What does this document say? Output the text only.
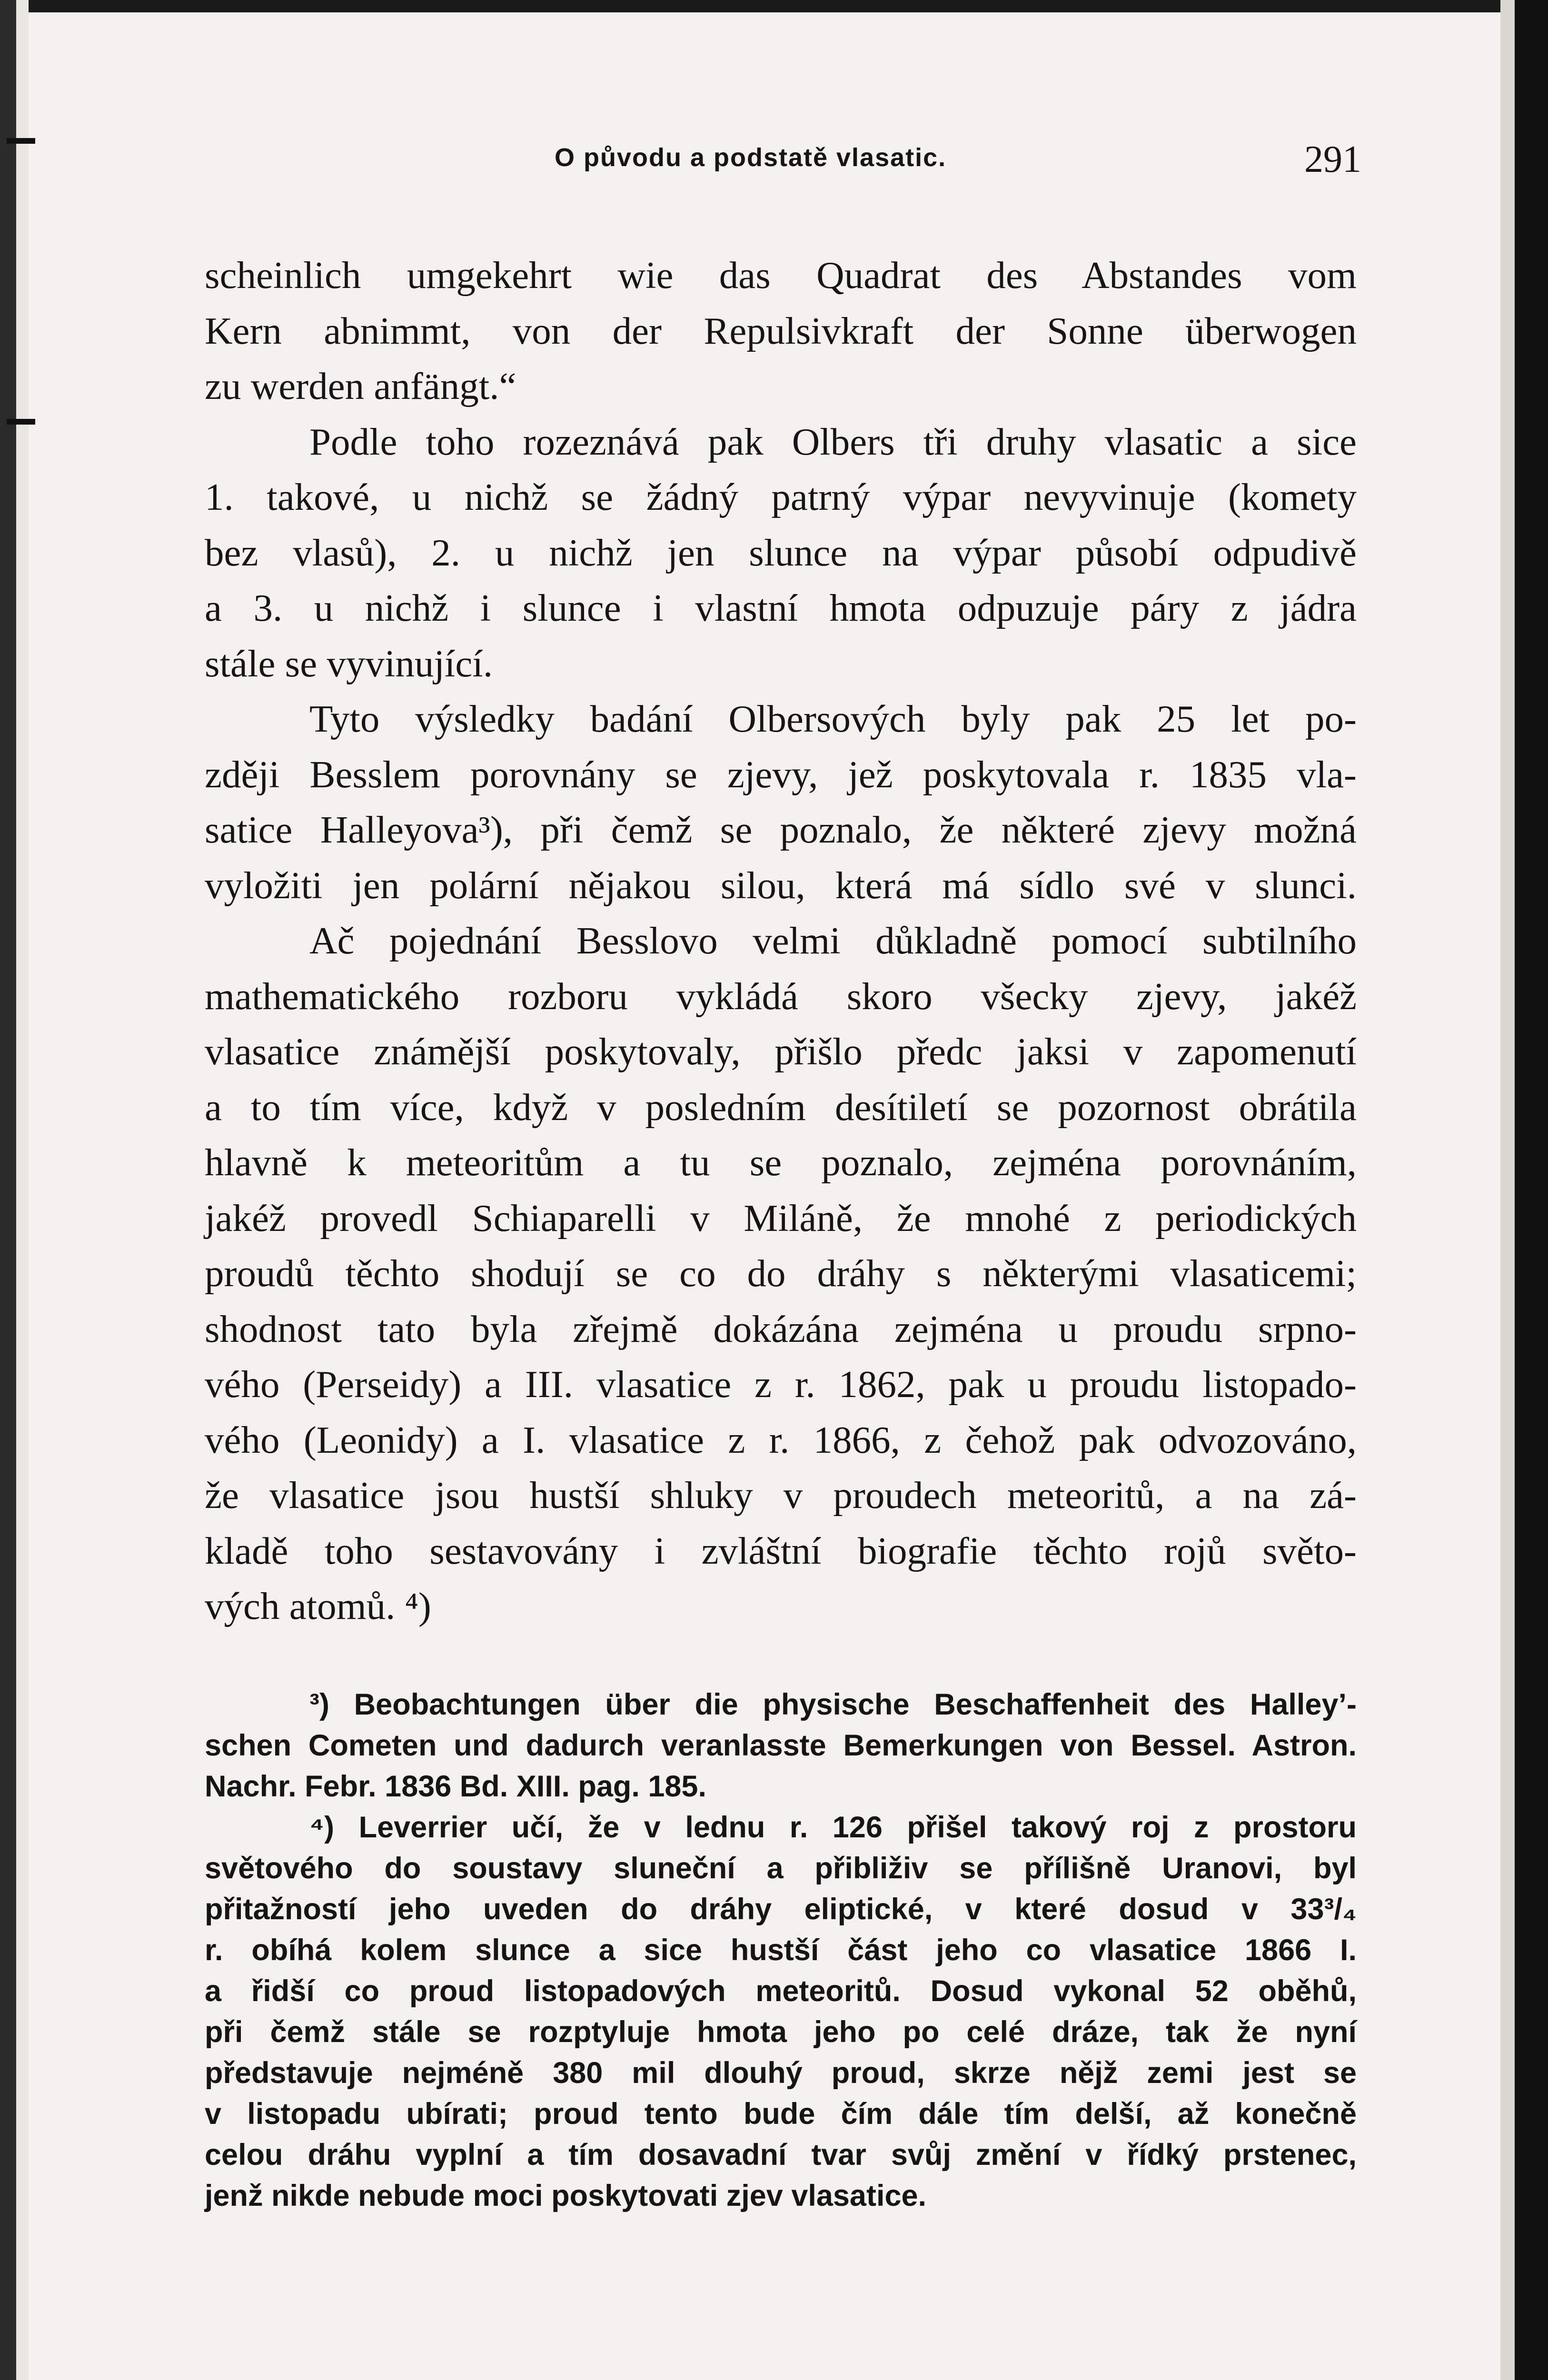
O původu a podstatě vlasatic.	291
scheinlich umgekehrt wie das Quadrat des Abstandes vom
Kern abnimmt, von der Repulsivkraft der Sonne überwogen
zu werden anfängt.“
Podle toho rozeznává pak Olbers tři druhy vlasatic a sice
1. takové, u nichž se žádný patrný výpar nevyvinuje (komety
bez vlasů), 2. u nichž jen slunce na výpar působí odpudivě
a 3. u nichž i slunce i vlastní hmota odpuzuje páry z jádra
stále se vyvinující.
Tyto výsledky badání Olbersových byly pak 25 let po-
zději Besslem porovnány se zjevy, jež poskytovala r. 1835 vla-
satice Halleyova³), při čemž se poznalo, že některé zjevy možná
vyložiti jen polární nějakou silou, která má sídlo své v slunci.
Ač pojednání Besslovo velmi důkladně pomocí subtilního
mathematického rozboru vykládá skoro všecky zjevy, jakéž
vlasatice známější poskytovaly, přišlo předc jaksi v zapomenutí
a to tím více, když v posledním desítiletí se pozornost obrátila
hlavně k meteoritům a tu se poznalo, zejména porovnáním,
jakéž provedl Schiaparelli v Miláně, že mnohé z periodických
proudů těchto shodují se co do dráhy s některými vlasaticemi;
shodnost tato byla zřejmě dokázána zejména u proudu srpno-
vého (Perseidy) a III. vlasatice z r. 1862, pak u proudu listopado-
vého (Leonidy) a I. vlasatice z r. 1866, z čehož pak odvozováno,
že vlasatice jsou hustší shluky v proudech meteoritů, a na zá-
kladě toho sestavovány i zvláštní biografie těchto rojů světo-
vých atomů. ⁴)
³) Beobachtungen über die physische Beschaffenheit des Halley’-
schen Cometen und dadurch veranlasste Bemerkungen von Bessel. Astron.
Nachr. Febr. 1836 Bd. XIII. pag. 185.
⁴) Leverrier učí, že v lednu r. 126 přišel takový roj z prostoru
světového do soustavy sluneční a přibliživ se přílišně Uranovi, byl
přitažností jeho uveden do dráhy eliptické, v které dosud v 33³/₄
r. obíhá kolem slunce a sice hustší část jeho co vlasatice 1866 I.
a řidší co proud listopadových meteoritů. Dosud vykonal 52 oběhů,
při čemž stále se rozptyluje hmota jeho po celé dráze, tak že nyní
představuje nejméně 380 mil dlouhý proud, skrze nějž zemi jest se
v listopadu ubírati; proud tento bude čím dále tím delší, až konečně
celou dráhu vyplní a tím dosavadní tvar svůj změní v řídký prstenec,
jenž nikde nebude moci poskytovati zjev vlasatice.
